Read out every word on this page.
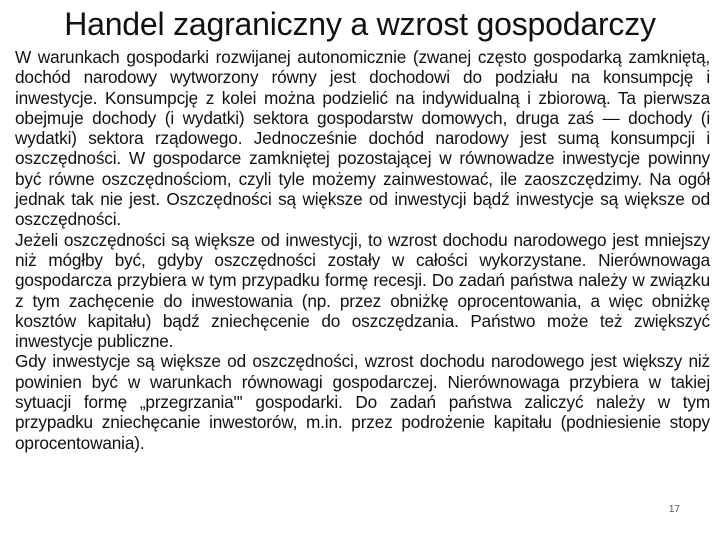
Handel zagraniczny a wzrost gospodarczy

W warunkach gospodarki rozwijanej autonomicznie (zwanej często gospodarką zamkniętą, dochód narodowy wytworzony równy jest dochodowi do podziału na konsumpcję i inwestycje. Konsumpcję z kolei można podzielić na indywidualną i zbiorową. Ta pierwsza obejmuje dochody (i wydatki) sektora gospodarstw domowych, druga zaś — dochody (i wydatki) sektora rządowego. Jednocześnie dochód narodowy jest sumą konsumpcji i oszczędności. W gospodarce zamkniętej pozostającej w równowadze inwestycje powinny być równe oszczędnościom, czyli tyle możemy zainwestować, ile zaoszczędzimy. Na ogół jednak tak nie jest. Oszczędności są większe od inwestycji bądź inwestycje są większe od oszczędności.

Jeżeli oszczędności są większe od inwestycji, to wzrost dochodu narodowego jest mniejszy niż mógłby być, gdyby oszczędności zostały w całości wykorzystane. Nierównowaga gospodarcza przybiera w tym przypadku formę recesji. Do zadań państwa należy w związku z tym zachęcenie do inwestowania (np. przez obniżkę oprocentowania, a więc obniżkę kosztów kapitału) bądź zniechęcenie do oszczędzania. Państwo może też zwiększyć inwestycje publiczne.

Gdy inwestycje są większe od oszczędności, wzrost dochodu narodowego jest większy niż powinien być w warunkach równowagi gospodarczej. Nierównowaga przybiera w takiej sytuacji formę „przegrzania"' gospodarki. Do zadań państwa zaliczyć należy w tym przypadku zniechęcanie inwestorów, m.in. przez podrożenie kapitału (podniesienie stopy oprocentowania).

17
